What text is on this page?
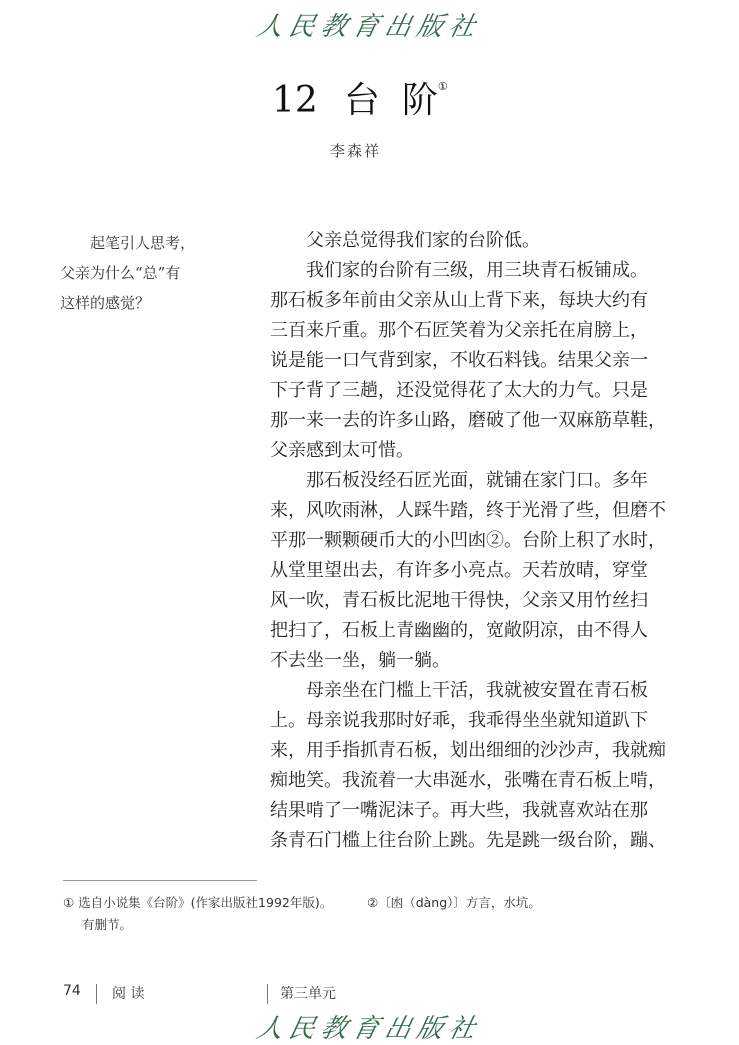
人民教育出版社
12 台 阶①
李森祥
起笔引人思考，
父亲为什么“总”有
这样的感觉？
父亲总觉得我们家的台阶低。
我们家的台阶有三级，用三块青石板铺成。
那石板多年前由父亲从山上背下来，每块大约有
三百来斤重。那个石匠笑着为父亲托在肩膀上，
说是能一口气背到家，不收石料钱。结果父亲一
下子背了三趟，还没觉得花了太大的力气。只是
那一来一去的许多山路，磨破了他一双麻筋草鞋，
父亲感到太可惜。
那石板没经石匠光面，就铺在家门口。多年
来，风吹雨淋，人踩牛踏，终于光滑了些，但磨不
平那一颗颗硬币大的小凹凼②。台阶上积了水时，
从堂里望出去，有许多小亮点。天若放晴，穿堂
风一吹，青石板比泥地干得快，父亲又用竹丝扫
把扫了，石板上青幽幽的，宽敞阴凉，由不得人
不去坐一坐，躺一躺。
母亲坐在门槛上干活，我就被安置在青石板
上。母亲说我那时好乖，我乖得坐坐就知道趴下
来，用手指抓青石板，划出细细的沙沙声，我就痴
痴地笑。我流着一大串涎水，张嘴在青石板上啃，
结果啃了一嘴泥沫子。再大些，我就喜欢站在那
条青石门槛上往台阶上跳。先是跳一级台阶，蹦、
① 选自小说集《台阶》(作家出版社1992年版)。
有删节。
②〔凼（dàng）〕方言，水坑。
74 阅 读	第三单元
人民教育出版社
